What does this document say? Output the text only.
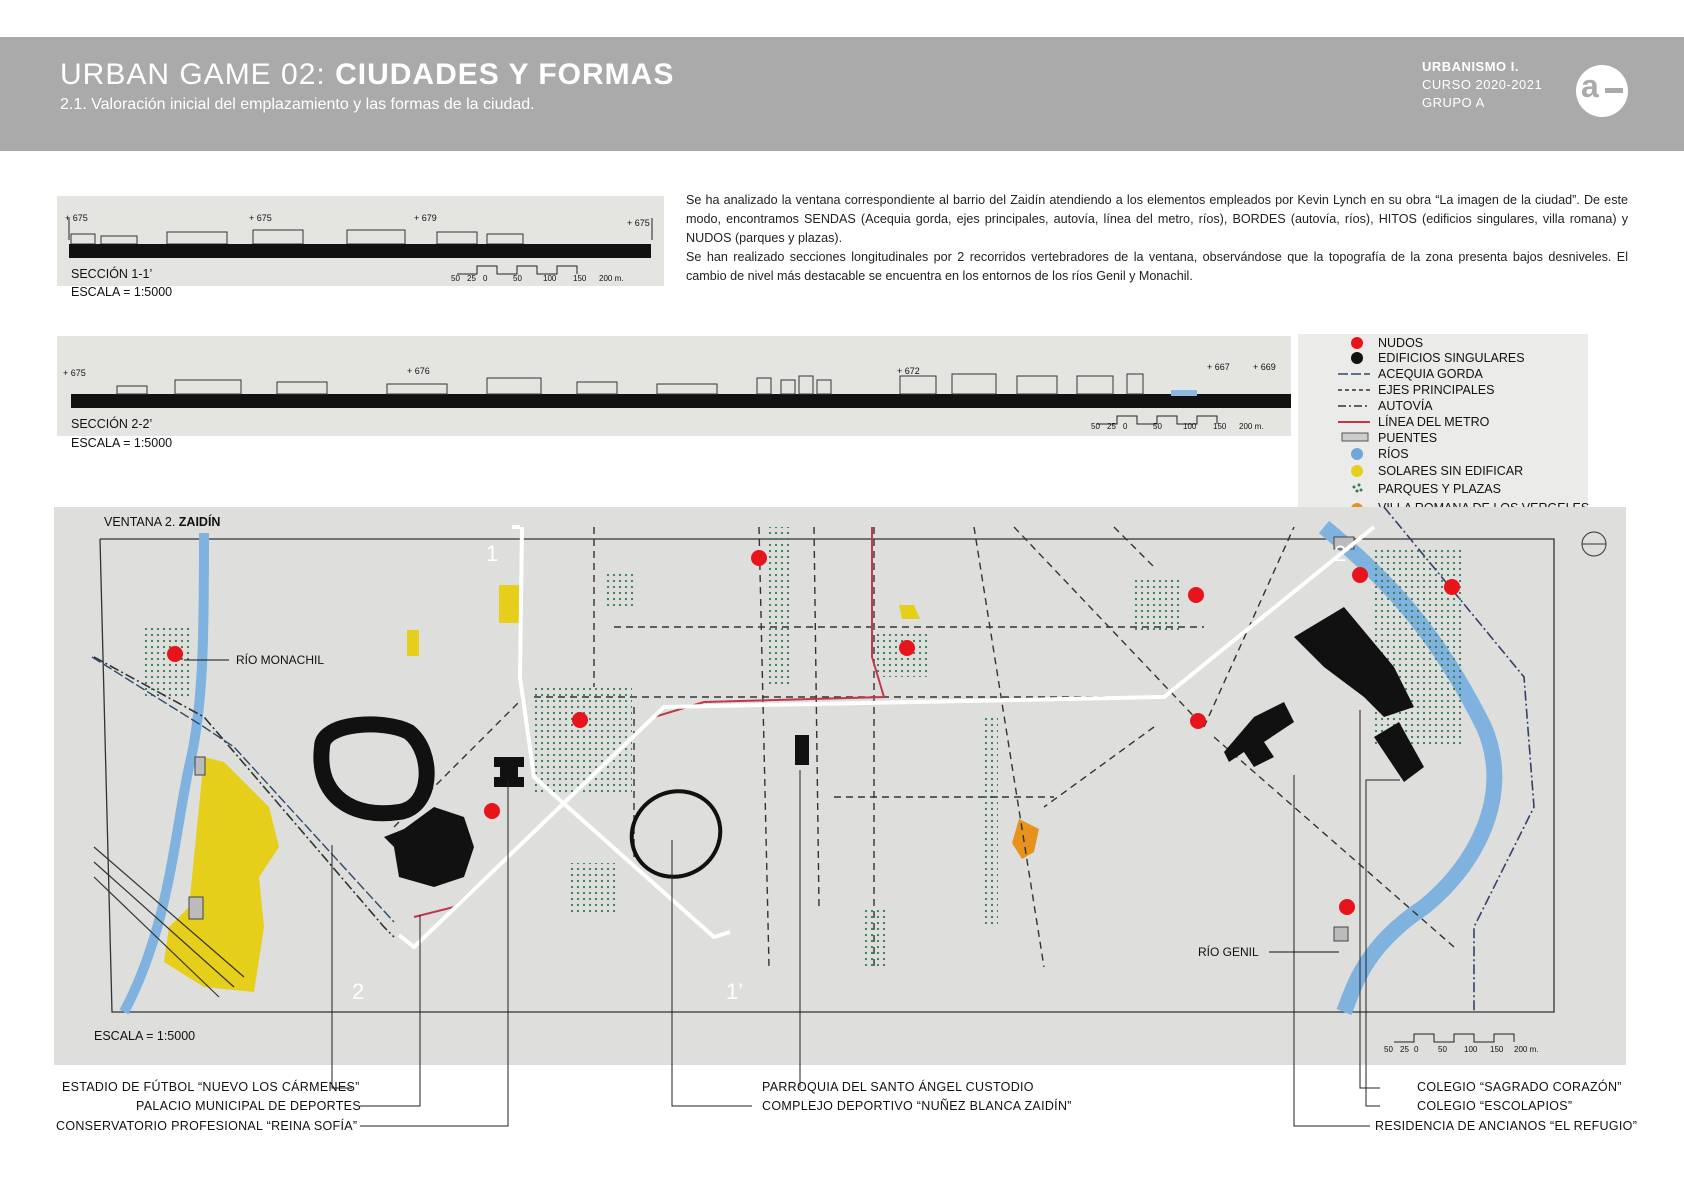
URBAN GAME 02: CIUDADES Y FORMAS
2.1. Valoración inicial del emplazamiento y las formas de la ciudad.
URBANISMO I.
CURSO 2020-2021
GRUPO A	a

Se ha analizado la ventana correspondiente al barrio del Zaidín atendiendo a los elementos empleados por Kevin Lynch en su obra “La imagen de la ciudad”. De este modo, encontramos SENDAS (Acequia gorda, ejes principales, autovía, línea del metro, ríos), BORDES (autovía, ríos), HITOS (edificios singulares, villa romana) y NUDOS (parques y plazas).

Se han realizado secciones longitudinales por 2 recorridos vertebradores de la ventana, observándose que la topografía de la zona presenta bajos desniveles. El cambio de nivel más destacable se encuentra en los entornos de los ríos Genil y Monachil.

+ 675	+ 675	+ 679	+ 675
50 25 0	50	100 150 200 m.
SECCIÓN 1-1’
ESCALA = 1:5000
+ 675	+ 676	+ 672	+ 667	+ 669
50 25 0	50	100 150 200 m.
SECCIÓN 2-2’
ESCALA = 1:5000
NUDOS
EDIFICIOS SINGULARES
ACEQUIA GORDA
EJES PRINCIPALES
AUTOVÍA
LÍNEA DEL METRO
PUENTES
RÍOS
SOLARES SIN EDIFICAR
PARQUES Y PLAZAS
VENTANA 2. ZAIDÍN
ESCALA = 1:5000
RÍO MONACHIL
RÍO GENIL
1
1’
2
2’
50 25 0 50 100 150 200 m.
ESTADIO DE FÚTBOL “NUEVO LOS CÁRMENES”
PALACIO MUNICIPAL DE DEPORTES
CONSERVATORIO PROFESIONAL “REINA SOFÍA”
PARROQUIA DEL SANTO ÁNGEL CUSTODIO
COMPLEJO DEPORTIVO “NUÑEZ BLANCA ZAIDÍN”
COLEGIO “SAGRADO CORAZÓN”
COLEGIO “ESCOLAPIOS”
RESIDENCIA DE ANCIANOS “EL REFUGIO”
